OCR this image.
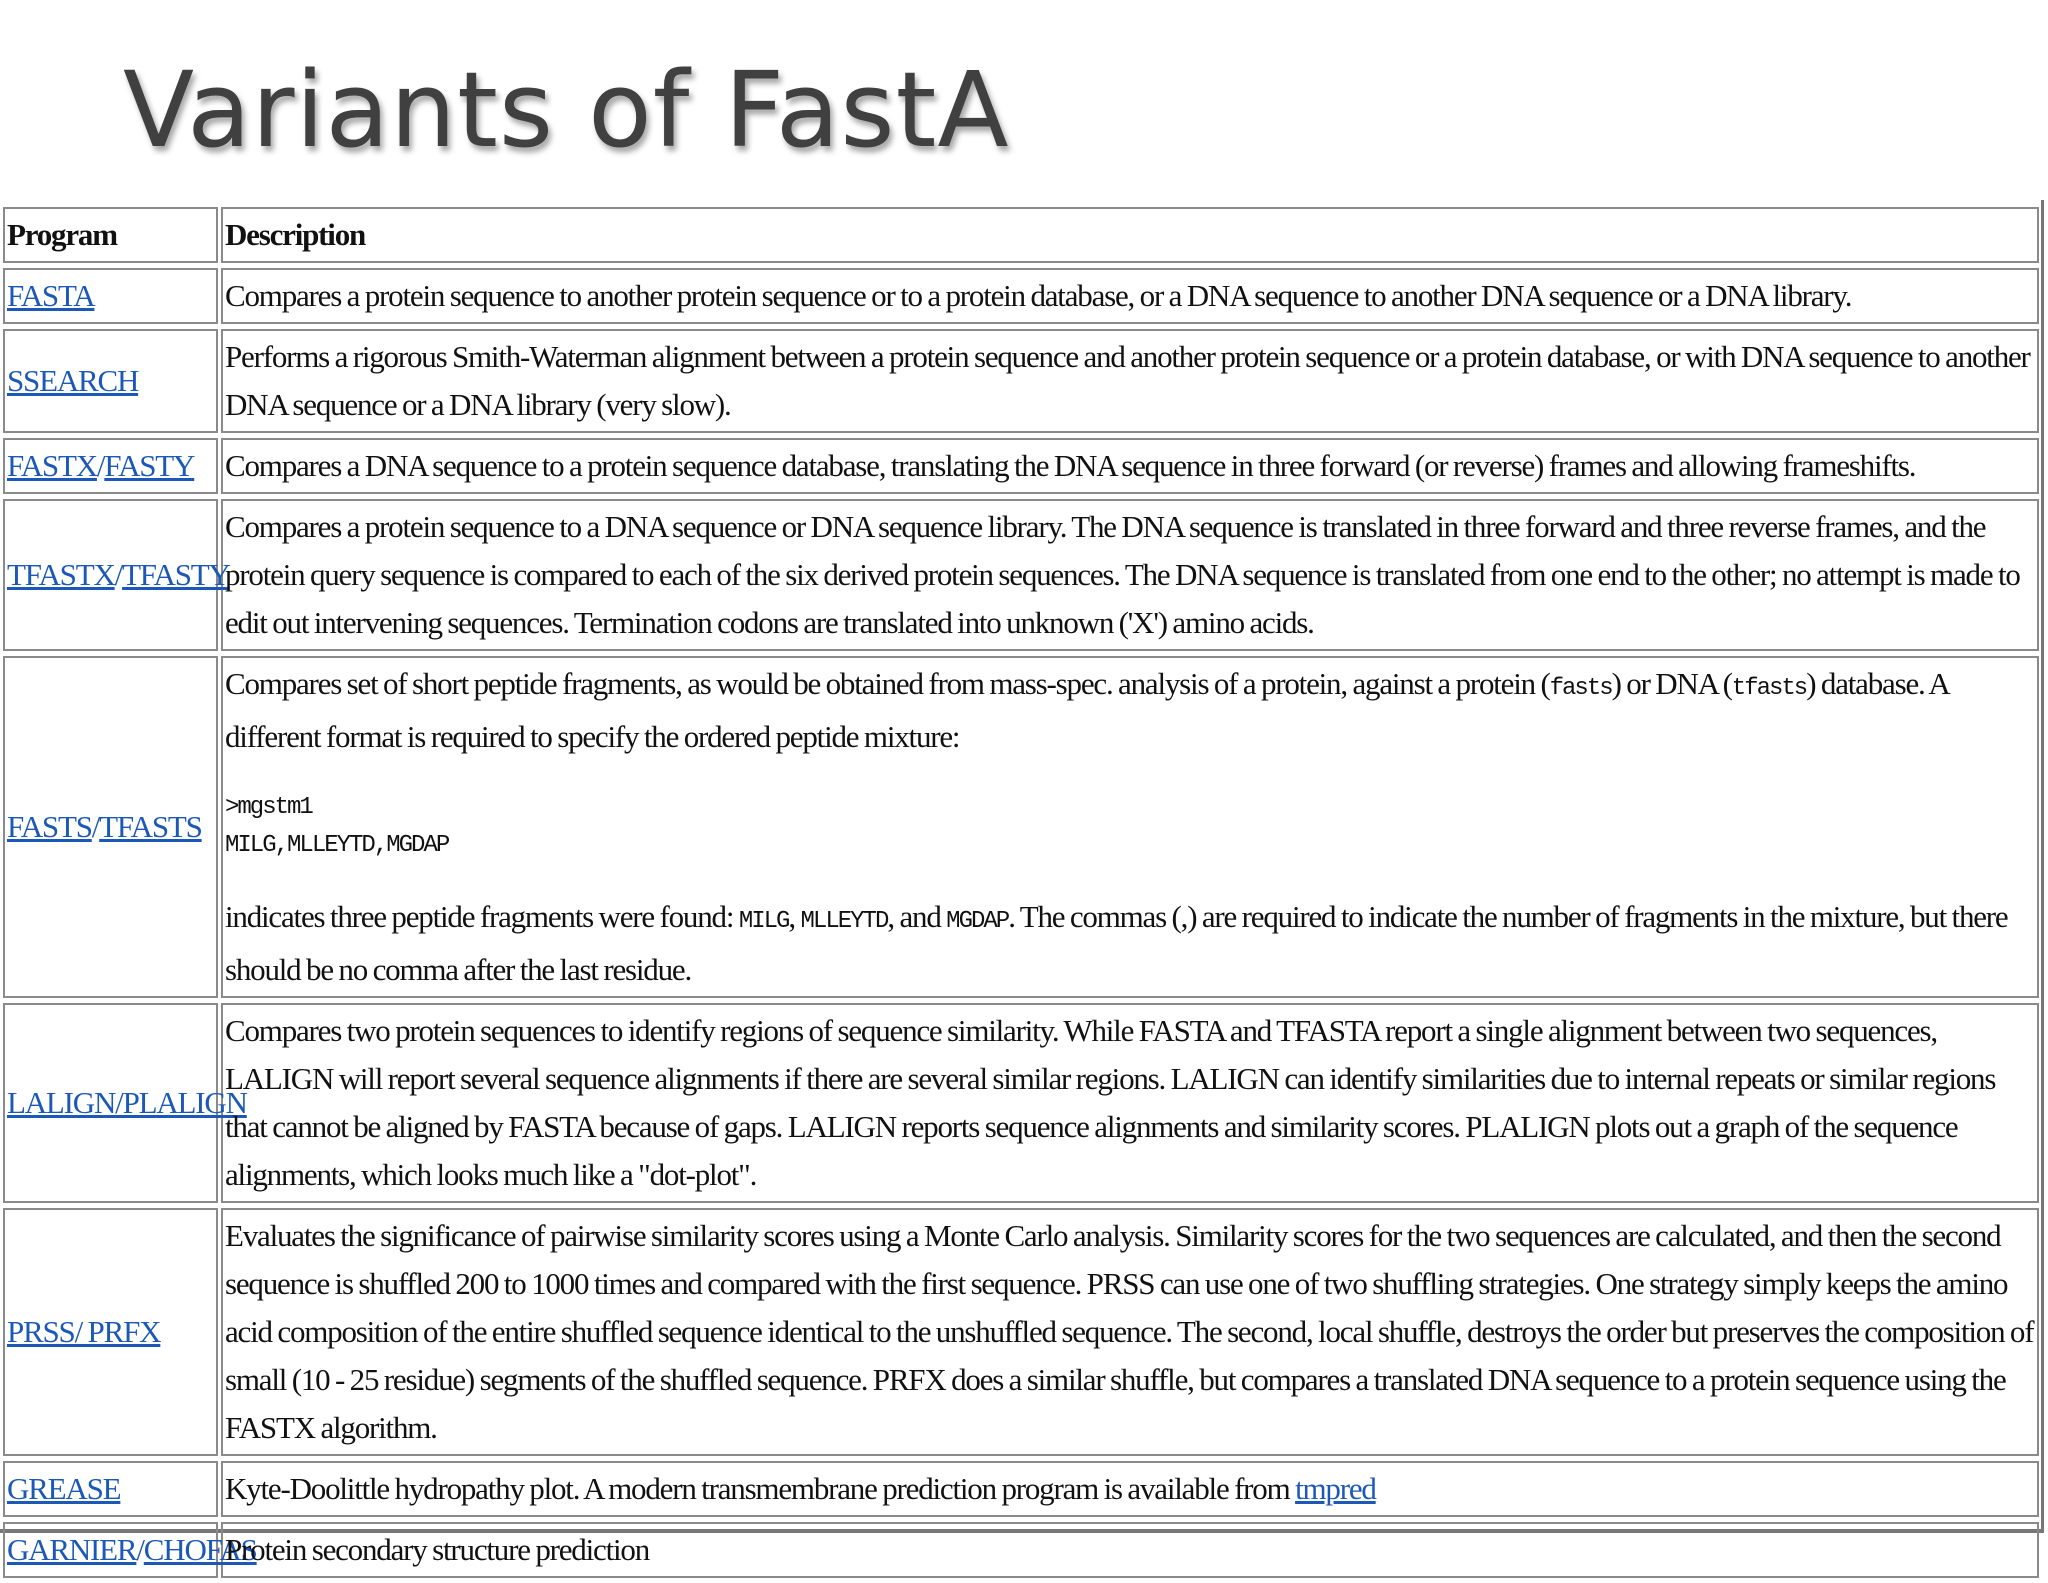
Variants of FastA
Program	Description
FASTA	Compares a protein sequence to another protein sequence or to a protein database, or a DNA sequence to another DNA sequence or a DNA library.
SSEARCH	Performs a rigorous Smith-Waterman alignment between a protein sequence and another protein sequence or a protein database, or with DNA sequence to another DNA sequence or a DNA library (very slow).
FASTX/FASTY	Compares a DNA sequence to a protein sequence database, translating the DNA sequence in three forward (or reverse) frames and allowing frameshifts.
TFASTX/TFASTY	Compares a protein sequence to a DNA sequence or DNA sequence library. The DNA sequence is translated in three forward and three reverse frames, and the protein query sequence is compared to each of the six derived protein sequences. The DNA sequence is translated from one end to the other; no attempt is made to edit out intervening sequences. Termination codons are translated into unknown ('X') amino acids.
FASTS/TFASTS	Compares set of short peptide fragments, as would be obtained from mass-spec. analysis of a protein, against a protein (fasts) or DNA (tfasts) database. A different format is required to specify the ordered peptide mixture:
>mgstm1
MILG,MLLEYTD,MGDAP
indicates three peptide fragments were found: MILG, MLLEYTD, and MGDAP. The commas (,) are required to indicate the number of fragments in the mixture, but there should be no comma after the last residue.
LALIGN/PLALIGN	Compares two protein sequences to identify regions of sequence similarity. While FASTA and TFASTA report a single alignment between two sequences, LALIGN will report several sequence alignments if there are several similar regions. LALIGN can identify similarities due to internal repeats or similar regions that cannot be aligned by FASTA because of gaps. LALIGN reports sequence alignments and similarity scores. PLALIGN plots out a graph of the sequence alignments, which looks much like a "dot-plot".
PRSS/ PRFX	Evaluates the significance of pairwise similarity scores using a Monte Carlo analysis. Similarity scores for the two sequences are calculated, and then the second sequence is shuffled 200 to 1000 times and compared with the first sequence. PRSS can use one of two shuffling strategies. One strategy simply keeps the amino acid composition of the entire shuffled sequence identical to the unshuffled sequence. The second, local shuffle, destroys the order but preserves the composition of small (10 - 25 residue) segments of the shuffled sequence. PRFX does a similar shuffle, but compares a translated DNA sequence to a protein sequence using the FASTX algorithm.
GREASE	Kyte-Doolittle hydropathy plot. A modern transmembrane prediction program is available from tmpred
GARNIER/CHOFAS	Protein secondary structure prediction
